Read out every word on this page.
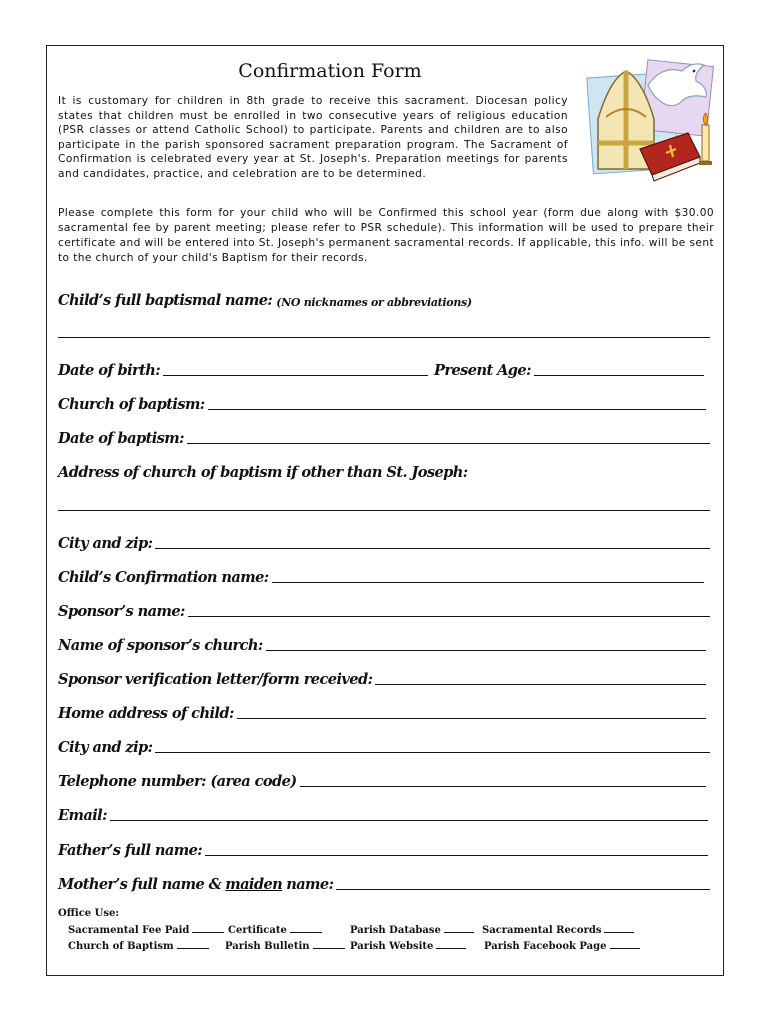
Confirmation Form

It is customary for children in 8th grade to receive this sacrament. Diocesan policy states that children must be enrolled in two consecutive years of religious education (PSR classes or attend Catholic School) to participate. Parents and children are to also participate in the parish sponsored sacrament preparation program. The Sacrament of Confirmation is celebrated every year at St. Joseph's. Preparation meetings for parents and candidates, practice, and celebration are to be determined.

Please complete this form for your child who will be Confirmed this school year (form due along with $30.00 sacramental fee by parent meeting; please refer to PSR schedule). This information will be used to prepare their certificate and will be entered into St. Joseph's permanent sacramental records. If applicable, this info. will be sent to the church of your child's Baptism for their records.

Child’s full baptismal name: (NO nicknames or abbreviations)
Date of birth:	Present Age:
Church of baptism:
Date of baptism:
Address of church of baptism if other than St. Joseph:
City and zip:
Child’s Confirmation name:
Sponsor’s name:
Name of sponsor’s church:
Sponsor verification letter/form received:
Home address of child:
City and zip:
Telephone number: (area code)
Email:
Father’s full name:
Mother’s full name & maiden name:
Office Use:
Sacramental Fee Paid	Certificate	Parish Database	Sacramental Records
Church of Baptism	Parish Bulletin	Parish Website	Parish Facebook Page
